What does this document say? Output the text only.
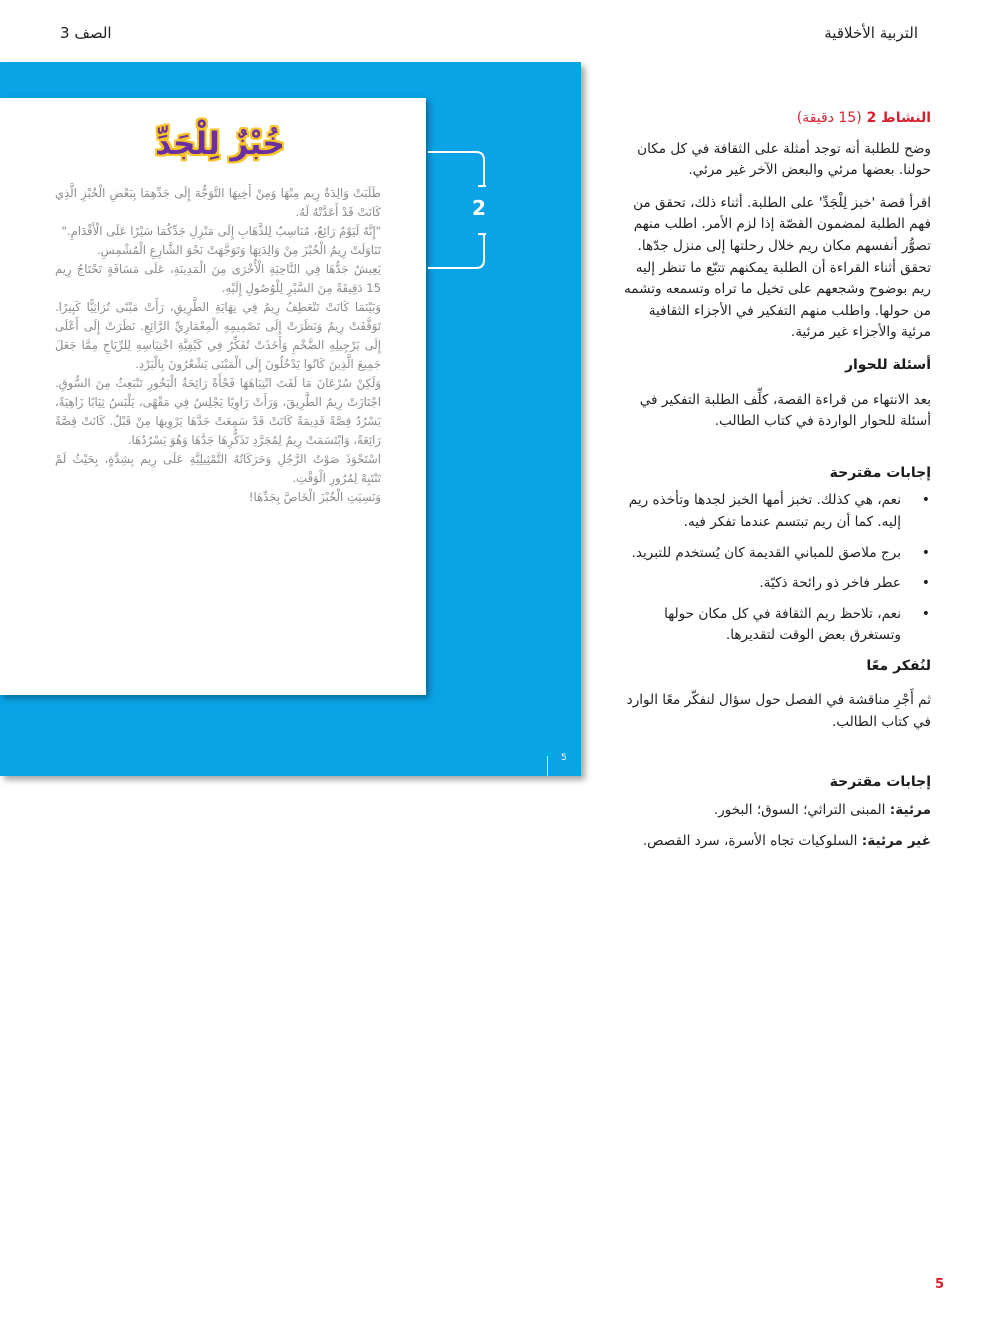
التربية الأخلاقية
الصف 3
خُبْزٌ لِلْجَدِّ

طَلَبَتْ وَالِدَةُ رِيم مِنْهَا وَمِنْ أَخِيهَا التَّوَجُّهَ إِلَى جَدِّهِمَا بِبَعْضِ الْخُبْزِ الَّذِي كَانَتْ قَدْ أَعَدَّتْهُ لَهُ.

"إِنَّهُ لَيَوْمٌ رَائِعٌ، مُنَاسِبٌ لِلذَّهَابِ إِلَى مَنْزِلِ جَدِّكُمَا سَيْرًا عَلَى الْأَقْدَامِ."

تَنَاوَلَتْ رِيمُ الْخُبْزَ مِنْ وَالِدَتِهَا وَتَوَجَّهَتْ نَحْوَ الشَّارِعِ الْمُشْمِسِ.

يَعِيشُ جَدُّهَا فِي النَّاحِيَةِ الْأُخْرَى مِنَ الْمَدِينَةِ، عَلَى مَسَافَةٍ تَحْتَاجُ رِيم 15 دَقِيقَةً مِنَ السَّيْرِ لِلْوُصُولِ إِلَيْهِ.

وَبَيْنَمَا كَانَتْ تَنْعَطِفُ رِيمُ فِي نِهَايَةِ الطَّرِيقِ، رَأَتْ مَبْنًى تُرَاثِيًّا كَبِيرًا. تَوَقَّفَتْ رِيمُ وَنَظَرَتْ إِلَى تَصْمِيمِهِ الْمِعْمَارِيِّ الرَّائِعِ. نَظَرَتْ إِلَى أَعْلَى إِلَى بَرْجِيلِهِ الضَّخْمِ وَأَخَذَتْ تُفَكِّرُ فِي كَيْفِيَّةِ اخْتِبَاسِهِ لِلرِّيَاحِ مِمَّا جَعَلَ جَمِيعَ الَّذِينَ كَانُوا يَدْخُلُونَ إِلَى الْمَبْنَى يَشْعُرُونَ بِالْبَرْدِ.

وَلَكِنْ سُرْعَانَ مَا لَفَتَ انْتِبَاهَهَا فَجْأَةً رَائِحَةُ الْبَخُورِ تَنْبَعِثُ مِنَ السُّوقِ. اجْتَازَتْ رِيمُ الطَّرِيقَ، وَرَأَتْ رَاوِيًا يَجْلِسُ فِي مَقْهًى، يَلْبَسُ ثِيَابًا زَاهِيَةً، يَسْرُدُ قِصَّةً قَدِيمَةً كَانَتْ قَدْ سَمِعَتْ جَدَّهَا يَرْوِيهَا مِنْ قَبْلُ. كَانَتْ قِصَّةً رَائِعَةً، وَابْتَسَمَتْ رِيمُ لِمُجَرَّدِ تَذَكُّرِهَا جَدَّهَا وَهُوَ يَسْرُدُهَا.

اسْتَحْوَذَ صَوْتُ الرَّجُلِ وَحَرَكَاتُهُ التَّمْثِيلِيَّةِ عَلَى رِيم بِشِدَّةٍ، بِحَيْثُ لَمْ تَنْتَبِهْ لِمُرُورِ الْوَقْتِ.

وَنَسِيَتِ الْخُبْزَ الْخَاصَّ بِجَدِّهَا!

2
5

النشاط 2 (15 دقيقة)

وضح للطلبة أنه توجد أمثلة على الثقافة في كل مكان حولنا. بعضها مرئي والبعض الآخر غير مرئي.

اقرأ قصة 'خبز لِلْجَدِّ' على الطلبة. أثناء ذلك، تحقق من فهم الطلبة لمضمون القصّة إذا لزم الأمر. اطلب منهم تصوُّر أنفسهم مكان ريم خلال رحلتها إلى منزل جدّها. تحقق أثناء القراءة أن الطلبة يمكنهم تتبّع ما تنظر إليه ريم بوضوح وشجعهم على تخيل ما تراه وتسمعه وتشمه من حولها. واطلب منهم التفكير في الأجزاء الثقافية مرئية والأجزاء غير مرئية.

أسئلة للحوار

بعد الانتهاء من قراءة القصة، كلِّف الطلبة التفكير في أسئلة للحوار الواردة في كتاب الطالب.

إجابات مقترحة

• نعم، هي كذلك. تخبز أمها الخبز لجدها وتأخذه ريم إليه. كما أن ريم تبتسم عندما تفكر فيه.
• برج ملاصق للمباني القديمة كان يُستخدم للتبريد.
• عطر فاخر ذو رائحة ذكيّة.
• نعم، تلاحظ ريم الثقافة في كل مكان حولها وتستغرق بعض الوقت لتقديرها.

لنُفكر معًا

ثم أَجْرِ مناقشة في الفصل حول سؤال لنفكّر معًا الوارد في كتاب الطالب.

إجابات مقترحة

مرئية: المبنى التراثي؛ السوق؛ البخور.

غير مرئية: السلوكيات تجاه الأسرة، سرد القصص.

5
